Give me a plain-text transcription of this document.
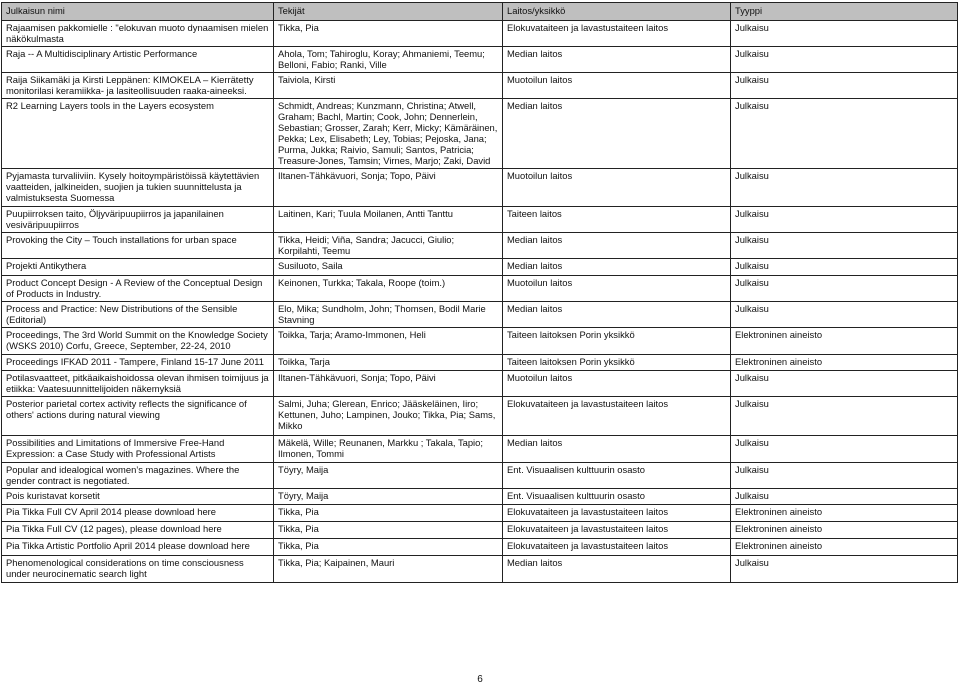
Julkaisun nimi	Tekijät	Laitos/yksikkö	Tyyppi
Rajaamisen pakkomielle : "elokuvan muoto dynaamisen mielen näkökulmasta	Tikka, Pia	Elokuvataiteen ja lavastustaiteen laitos	Julkaisu
Raja -- A Multidisciplinary Artistic Performance	Ahola, Tom; Tahiroglu, Koray; Ahmaniemi, Teemu; Belloni, Fabio; Ranki, Ville	Median laitos	Julkaisu
Raija Siikamäki ja Kirsti Leppänen: KIMOKELA – Kierrätetty monitorilasi keramiikka- ja lasiteollisuuden raaka-aineeksi.	Taiviola, Kirsti	Muotoilun laitos	Julkaisu
R2 Learning Layers tools in the Layers ecosystem	Schmidt, Andreas; Kunzmann, Christina; Atwell, Graham; Bachl, Martin; Cook, John; Dennerlein, Sebastian; Grosser, Zarah; Kerr, Micky; Kämäräinen, Pekka; Lex, Elisabeth; Ley, Tobias; Pejoska, Jana; Purma, Jukka; Raivio, Samuli; Santos, Patricia; Treasure-Jones, Tamsin; Virnes, Marjo; Zaki, David	Median laitos	Julkaisu
Pyjamasta turvaliiviin. Kysely hoitoympäristöissä käytettävien vaatteiden, jalkineiden, suojien ja tukien suunnittelusta ja valmistuksesta Suomessa	Iltanen-Tähkävuori, Sonja; Topo, Päivi	Muotoilun laitos	Julkaisu
Puupiirroksen taito, Öljyväripuupiirros ja japanilainen vesiväripuupiirros	Laitinen, Kari; Tuula Moilanen, Antti Tanttu	Taiteen laitos	Julkaisu
Provoking the City – Touch installations for urban space	Tikka, Heidi; Viña, Sandra; Jacucci, Giulio; Korpilahti, Teemu	Median laitos	Julkaisu
Projekti Antikythera	Susiluoto, Saila	Median laitos	Julkaisu
Product Concept Design - A Review of the Conceptual Design of Products in Industry.	Keinonen, Turkka; Takala, Roope (toim.)	Muotoilun laitos	Julkaisu
Process and Practice: New Distributions of the Sensible (Editorial)	Elo, Mika; Sundholm, John; Thomsen, Bodil Marie Stavning	Median laitos	Julkaisu
Proceedings, The 3rd World Summit on the Knowledge Society (WSKS 2010) Corfu, Greece, September, 22-24, 2010	Toikka, Tarja; Aramo-Immonen, Heli	Taiteen laitoksen Porin yksikkö	Elektroninen aineisto
Proceedings IFKAD 2011 - Tampere, Finland 15-17 June 2011	Toikka, Tarja	Taiteen laitoksen Porin yksikkö	Elektroninen aineisto
Potilasvaatteet, pitkäaikaishoidossa olevan ihmisen toimijuus ja etiikka: Vaatesuunnittelijoiden näkemyksiä	Iltanen-Tähkävuori, Sonja; Topo, Päivi	Muotoilun laitos	Julkaisu
Posterior parietal cortex activity reflects the significance of others' actions during natural viewing	Salmi, Juha; Glerean, Enrico; Jääskeläinen, Iiro; Kettunen, Juho; Lampinen, Jouko; Tikka, Pia; Sams, Mikko	Elokuvataiteen ja lavastustaiteen laitos	Julkaisu
Possibilities and Limitations of Immersive Free-Hand Expression: a Case Study with Professional Artists	Mäkelä, Wille; Reunanen, Markku ; Takala, Tapio; Ilmonen, Tommi	Median laitos	Julkaisu
Popular and idealogical women’s magazines. Where the gender contract is negotiated.	Töyry, Maija	Ent. Visuaalisen kulttuurin osasto	Julkaisu
Pois kuristavat korsetit	Töyry, Maija	Ent. Visuaalisen kulttuurin osasto	Julkaisu
Pia Tikka Full CV April 2014 please download here	Tikka, Pia	Elokuvataiteen ja lavastustaiteen laitos	Elektroninen aineisto
Pia Tikka Full CV (12 pages), please download here	Tikka, Pia	Elokuvataiteen ja lavastustaiteen laitos	Elektroninen aineisto
Pia Tikka Artistic Portfolio April 2014 please download here	Tikka, Pia	Elokuvataiteen ja lavastustaiteen laitos	Elektroninen aineisto
Phenomenological considerations on time consciousness under neurocinematic search light	Tikka, Pia; Kaipainen, Mauri	Median laitos	Julkaisu
6
